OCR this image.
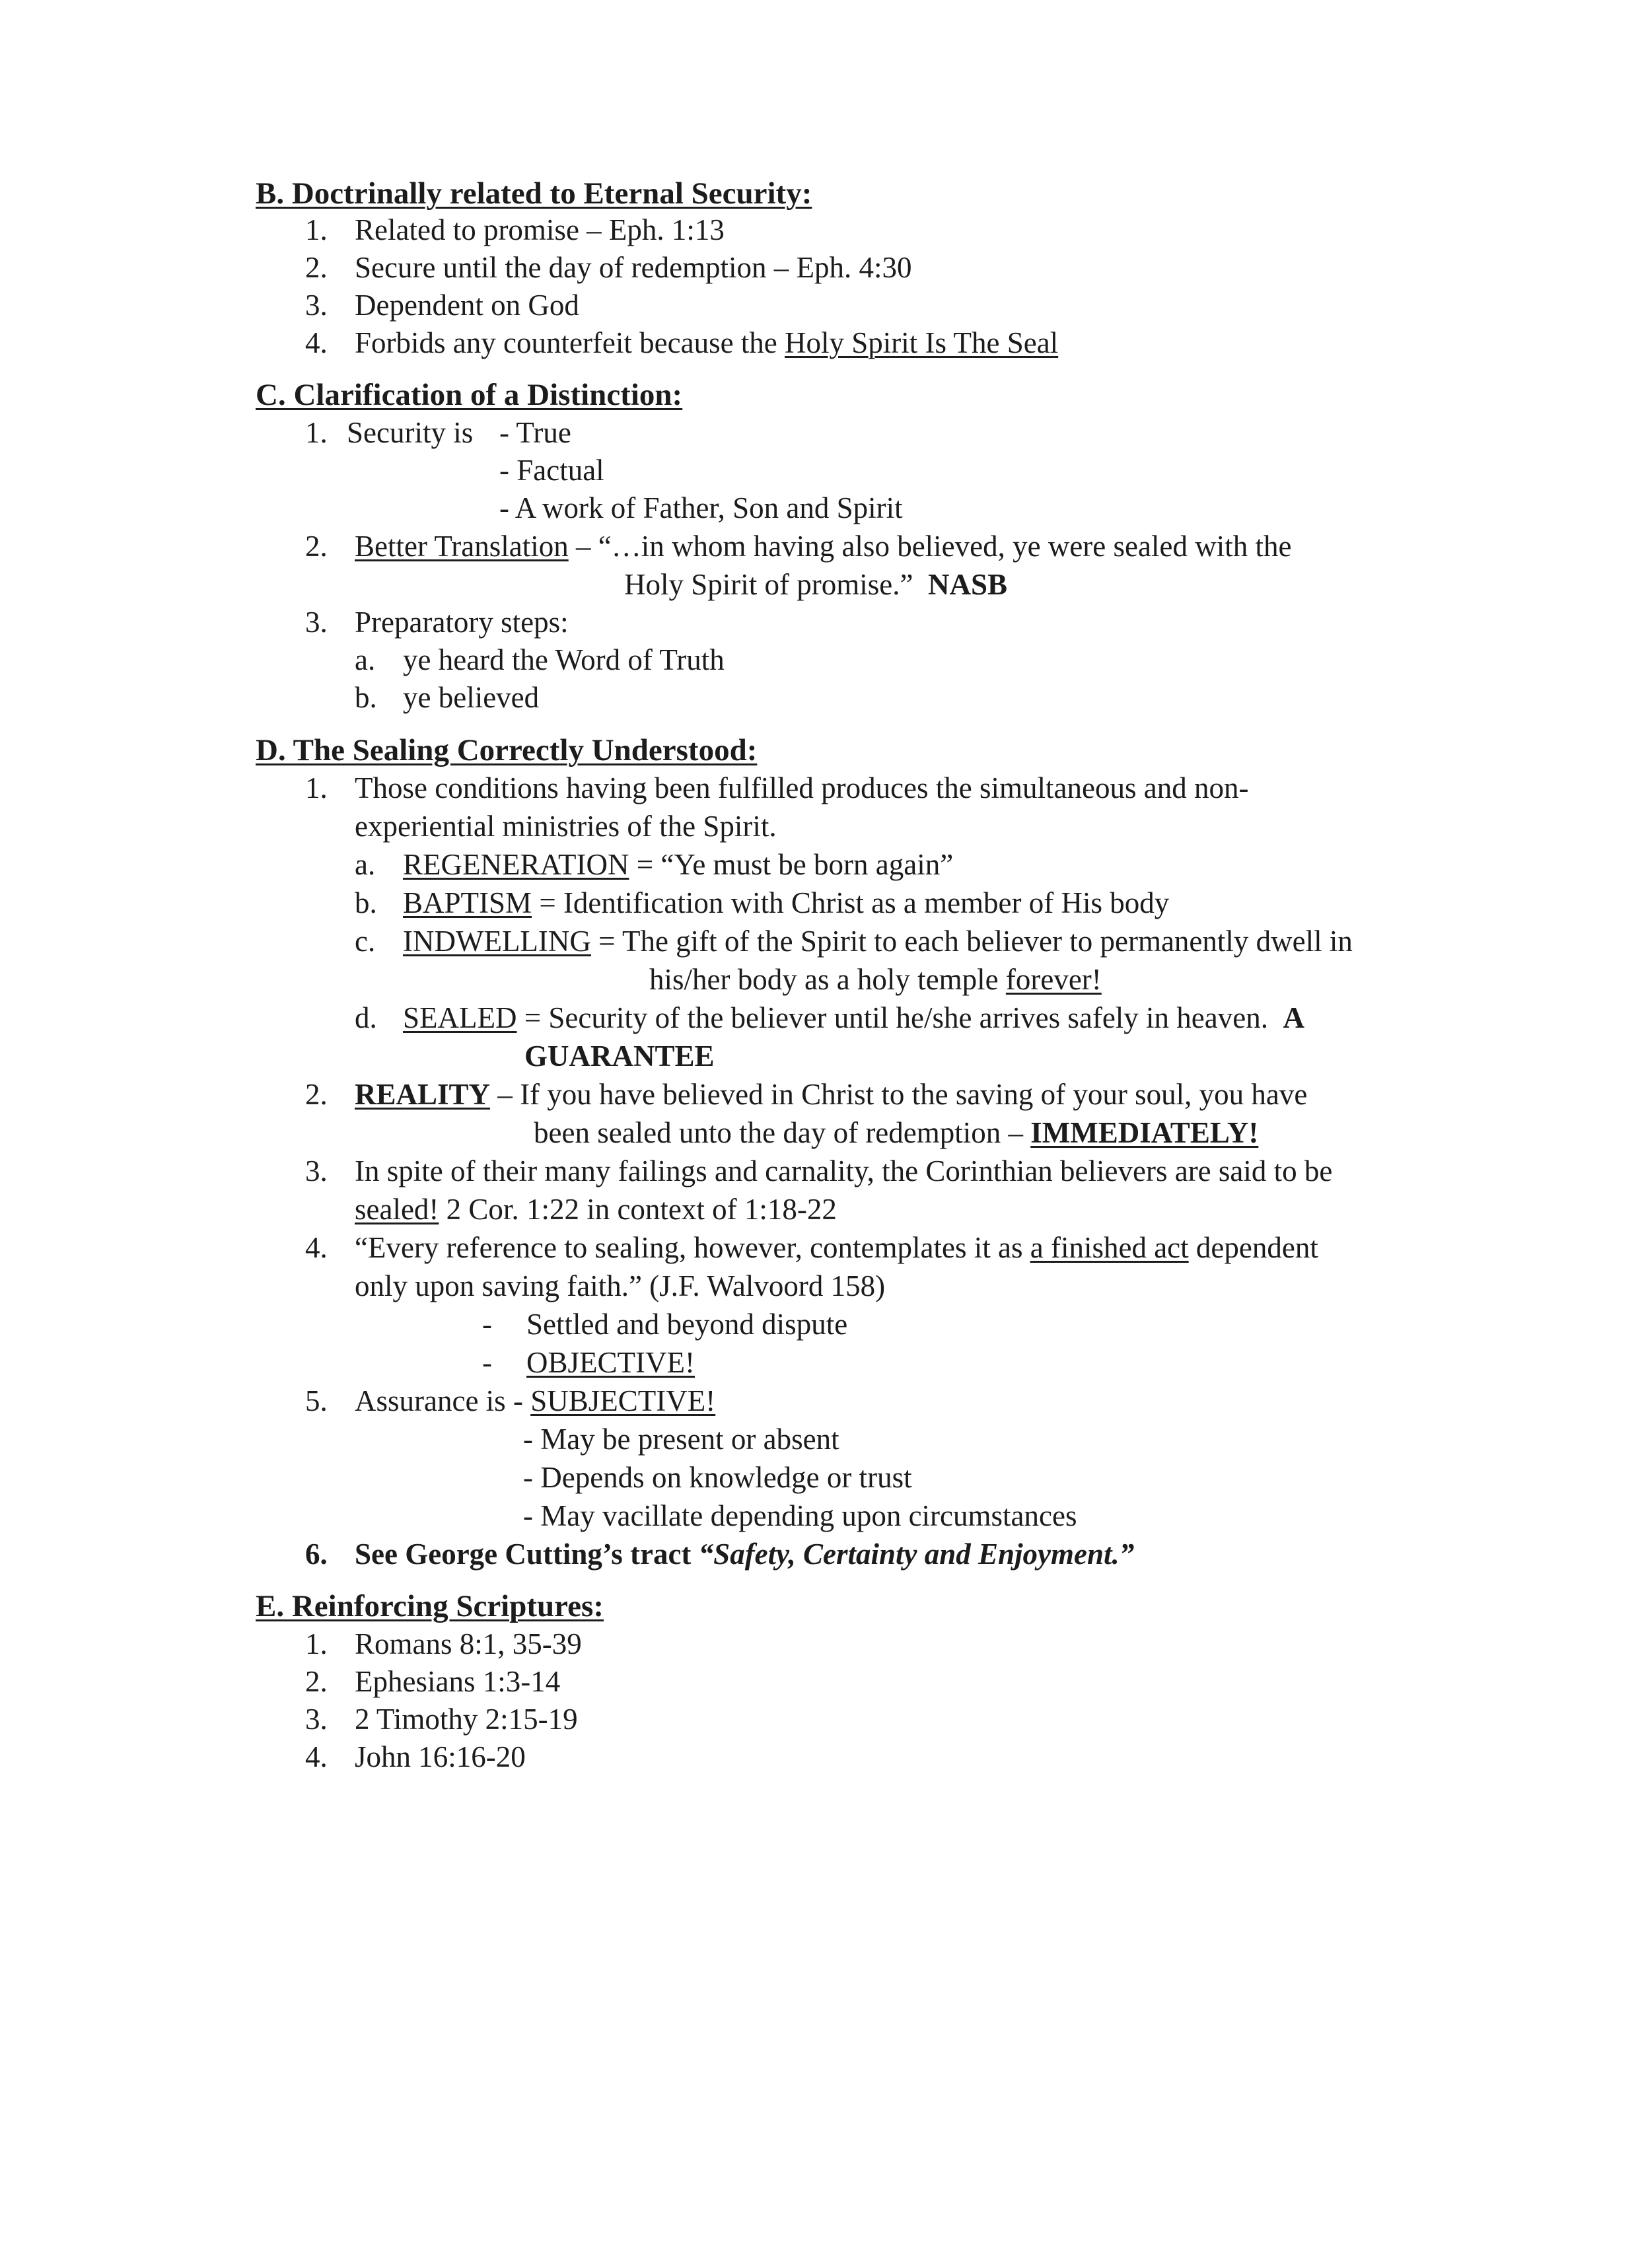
B. Doctrinally related to Eternal Security:
1. Related to promise – Eph. 1:13
2. Secure until the day of redemption – Eph. 4:30
3. Dependent on God
4. Forbids any counterfeit because the Holy Spirit Is The Seal
C. Clarification of a Distinction:
1. Security is - True
- Factual
- A work of Father, Son and Spirit
2. Better Translation – “…in whom having also believed, ye were sealed with the
Holy Spirit of promise.” NASB
3. Preparatory steps:
a. ye heard the Word of Truth
b. ye believed
D. The Sealing Correctly Understood:
1. Those conditions having been fulfilled produces the simultaneous and non-
experiential ministries of the Spirit.
a. REGENERATION = “Ye must be born again”
b. BAPTISM = Identification with Christ as a member of His body
c. INDWELLING = The gift of the Spirit to each believer to permanently dwell in
his/her body as a holy temple forever!
d. SEALED = Security of the believer until he/she arrives safely in heaven. A
GUARANTEE
2. REALITY – If you have believed in Christ to the saving of your soul, you have
been sealed unto the day of redemption – IMMEDIATELY!
3. In spite of their many failings and carnality, the Corinthian believers are said to be
sealed! 2 Cor. 1:22 in context of 1:18-22
4. “Every reference to sealing, however, contemplates it as a finished act dependent
only upon saving faith.” (J.F. Walvoord 158)
- Settled and beyond dispute
- OBJECTIVE!
5. Assurance is - SUBJECTIVE!
- May be present or absent
- Depends on knowledge or trust
- May vacillate depending upon circumstances
6. See George Cutting’s tract “Safety, Certainty and Enjoyment.”
E. Reinforcing Scriptures:
1. Romans 8:1, 35-39
2. Ephesians 1:3-14
3. 2 Timothy 2:15-19
4. John 16:16-20
